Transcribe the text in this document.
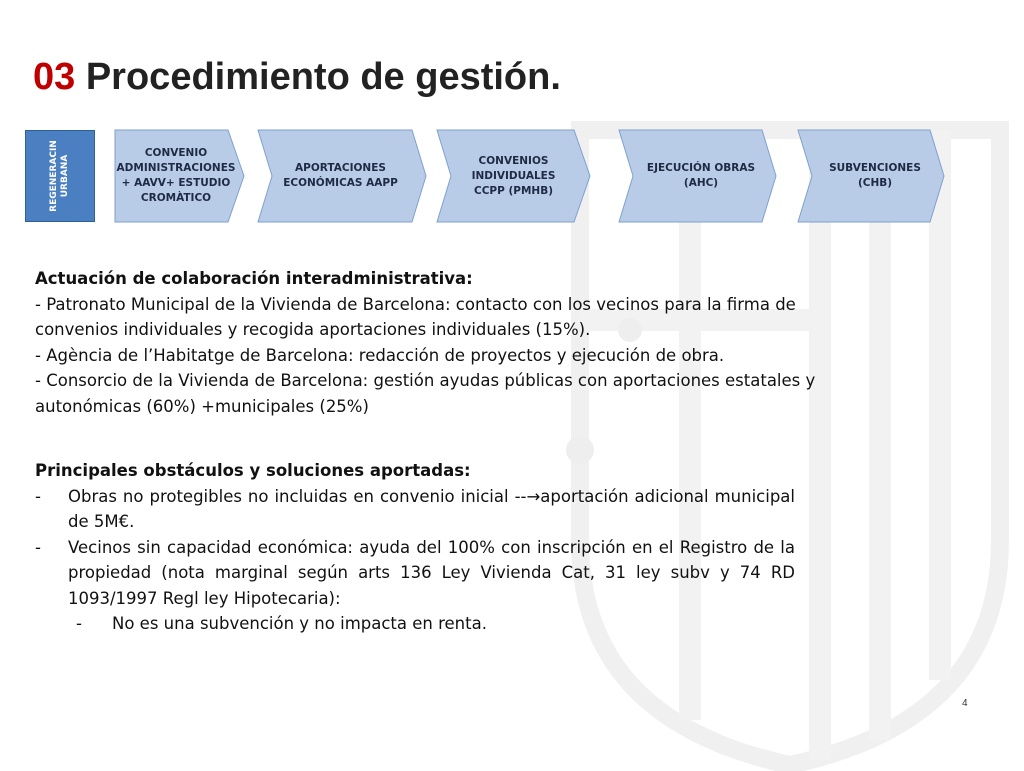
03 Procedimiento de gestión.
REGENERACIN URBANA
CONVENIO ADMINISTRACIONES + AAVV+ ESTUDIO CROMÀTICO
APORTACIONES ECONÓMICAS AAPP
CONVENIOS INDIVIDUALES CCPP (PMHB)
EJECUCIÓN OBRAS (AHC)
SUBVENCIONES (CHB)
Actuación de colaboración interadministrativa:
- Patronato Municipal de la Vivienda de Barcelona: contacto con los vecinos para la firma de convenios individuales y recogida aportaciones individuales (15%).
- Agència de l’Habitatge de Barcelona: redacción de proyectos y ejecución de obra.
- Consorcio de la Vivienda de Barcelona: gestión ayudas públicas con aportaciones estatales y autonómicas (60%) +municipales (25%)
Principales obstáculos y soluciones aportadas:
- Obras no protegibles no incluidas en convenio inicial --→aportación adicional municipal de 5M€.
- Vecinos sin capacidad económica: ayuda del 100% con inscripción en el Registro de la propiedad (nota marginal según arts 136 Ley Vivienda Cat, 31 ley subv y 74 RD 1093/1997 Regl ley Hipotecaria):
- No es una subvención y no impacta en renta.
4
